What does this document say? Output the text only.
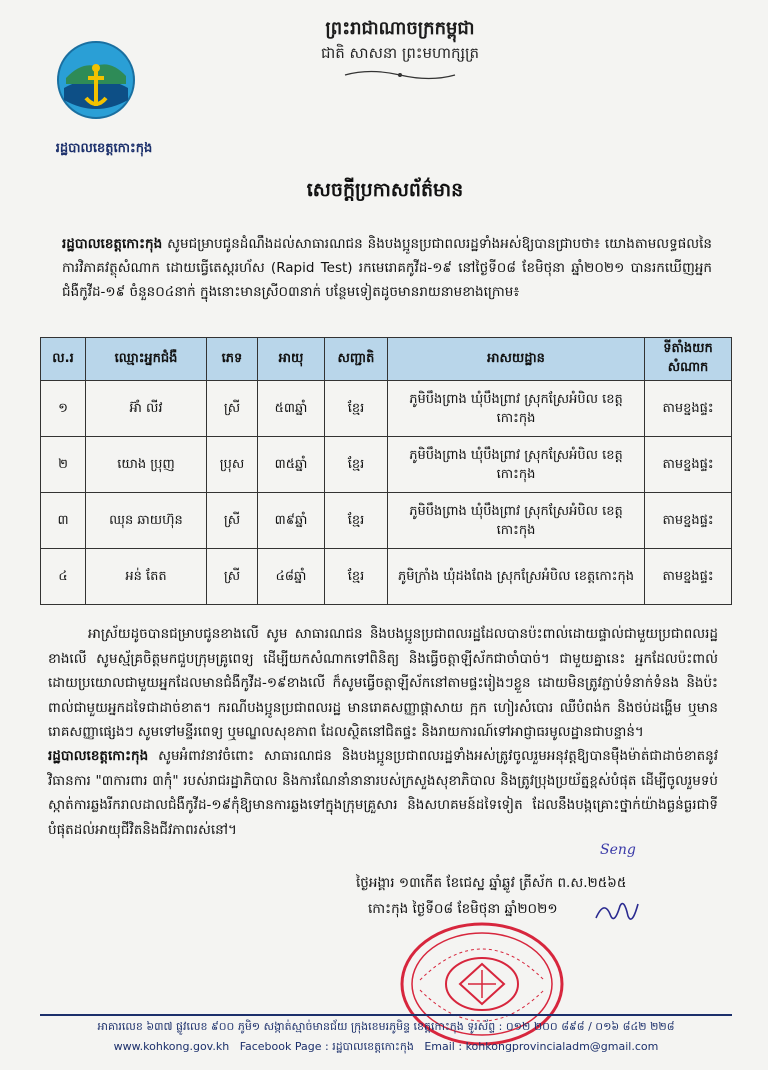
ព្រះរាជាណាចក្រកម្ពុជា
ជាតិ សាសនា ព្រះមហាក្សត្រ
រដ្ឋបាលខេត្តកោះកុង
សេចក្ដីប្រកាសព័ត៌មាន
រដ្ឋបាលខេត្តកោះកុង សូមជម្រាបជូនដំណឹងដល់សាធារណជន និងបងប្អូនប្រជាពលរដ្ឋទាំងអស់ឱ្យបានជ្រាបថា៖ យោងតាមលទ្ធផលនៃការវិភាគវត្ថុសំណាក ដោយធ្វើតេស្តរហ័ស (Rapid Test) រកមេរោគកូវីដ-១៩ នៅថ្ងៃទី០៨ ខែមិថុនា ឆ្នាំ២០២១ បានរកឃើញអ្នកជំងឺកូវីដ-១៩ ចំនួន០៤នាក់ ក្នុងនោះមានស្រី០៣នាក់ បន្ថែមទៀតដូចមានរាយនាមខាងក្រោម៖
ល.រ	ឈ្មោះអ្នកជំងឺ	ភេទ	អាយុ	សញ្ជាតិ	អាសយដ្ឋាន	ទីតាំងយកសំណាក
១	អ៊ាំ លីវ	ស្រី	៥៣ឆ្នាំ	ខ្មែរ	ភូមិបឹងព្រាង ឃុំបឹងព្រាវ ស្រុកស្រែអំបិល ខេត្តកោះកុង	តាមខ្នងផ្ទះ
២	យោង ប្រុញ	ប្រុស	៣៥ឆ្នាំ	ខ្មែរ	ភូមិបឹងព្រាង ឃុំបឹងព្រាវ ស្រុកស្រែអំបិល ខេត្តកោះកុង	តាមខ្នងផ្ទះ
៣	ឈុន ឆាយហ៊ុន	ស្រី	៣៩ឆ្នាំ	ខ្មែរ	ភូមិបឹងព្រាង ឃុំបឹងព្រាវ ស្រុកស្រែអំបិល ខេត្តកោះកុង	តាមខ្នងផ្ទះ
៤	អន់ តែត	ស្រី	៤៨ឆ្នាំ	ខ្មែរ	ភូមិក្រាំង ឃុំដងពែង ស្រុកស្រែអំបិល ខេត្តកោះកុង	តាមខ្នងផ្ទះ
អាស្រ័យដូចបានជម្រាបជូនខាងលើ សូម សាធារណជន និងបងប្អូនប្រជាពលរដ្ឋដែលបានប៉ះពាល់ដោយផ្ទាល់ជាមួយប្រជាពលរដ្ឋខាងលើ សូមស្ម័គ្រចិត្តមកជួបក្រុមគ្រូពេទ្យ ដើម្បីយកសំណាកទៅពិនិត្យ និងធ្វើចត្តាឡីស័កជាចាំបាច់។ ជាមួយគ្នានេះ អ្នកដែលប៉ះពាល់ដោយប្រយោលជាមួយអ្នកដែលមានជំងឺកូវីដ-១៩ខាងលើ ក៏សូមធ្វើចត្តាឡីស័កនៅតាមផ្ទះរៀងៗខ្លួន ដោយមិនត្រូវភ្ជាប់ទំនាក់ទំនង និងប៉ះពាល់ជាមួយអ្នកដទៃជាដាច់ខាត។ ករណីបងប្អូនប្រជាពលរដ្ឋ មានរោគសញ្ញាផ្តាសាយ ក្អក ហៀរសំបោរ ឈឺបំពង់ក និងថប់ដង្ហើម ឬមានរោគសញ្ញាផ្សេងៗ សូមទៅមន្ទីរពេទ្យ ឬមណ្ឌលសុខភាព ដែលស្ថិតនៅជិតផ្ទះ និងរាយការណ៍ទៅអាជ្ញាធរមូលដ្ឋានជាបន្ទាន់។
រដ្ឋបាលខេត្តកោះកុង សូមអំពាវនាវចំពោះ សាធារណជន និងបងប្អូនប្រជាពលរដ្ឋទាំងអស់ត្រូវចូលរួមអនុវត្តឱ្យបានម៉ឺងម៉ាត់ជាដាច់ខាតនូវវិធានការ "៣ការពារ ៣កុំ" របស់រាជរដ្ឋាភិបាល និងការណែនាំនានារបស់ក្រសួងសុខាភិបាល និងត្រូវប្រុងប្រយ័ត្នខ្ពស់បំផុត ដើម្បីចូលរួមទប់ស្កាត់ការឆ្លងរីករាលដាលជំងឺកូវីដ-១៩កុំឱ្យមានការឆ្លងទៅក្នុងក្រុមគ្រួសារ និងសហគមន៍ដទៃទៀត ដែលនឹងបង្កគ្រោះថ្នាក់យ៉ាងធ្ងន់ធ្ងរជាទីបំផុតដល់អាយុជីវិតនិងជីវភាពរស់នៅ។
Seng
ថ្ងៃអង្គារ ១៣កើត ខែជេស្ឋ ឆ្នាំឆ្លូវ ត្រីស័ក ព.ស.២៥៦៥
កោះកុង ថ្ងៃទី០៨ ខែមិថុនា ឆ្នាំ២០២១
អាគារលេខ ៦៣៧ ផ្លូវលេខ ៩០០ ភូមិ១ សង្កាត់ស្មាច់មានជ័យ ក្រុងខេមរភូមិន្ទ ខេត្តកោះកុង ទូរស័ព្ទ : ០១២ ២០០ ៨៩៨ / ០១៦ ៨៤២ ២២៨
www.kohkong.gov.kh Facebook Page : រដ្ឋបាលខេត្តកោះកុង Email : kohkongprovincialadm@gmail.com
